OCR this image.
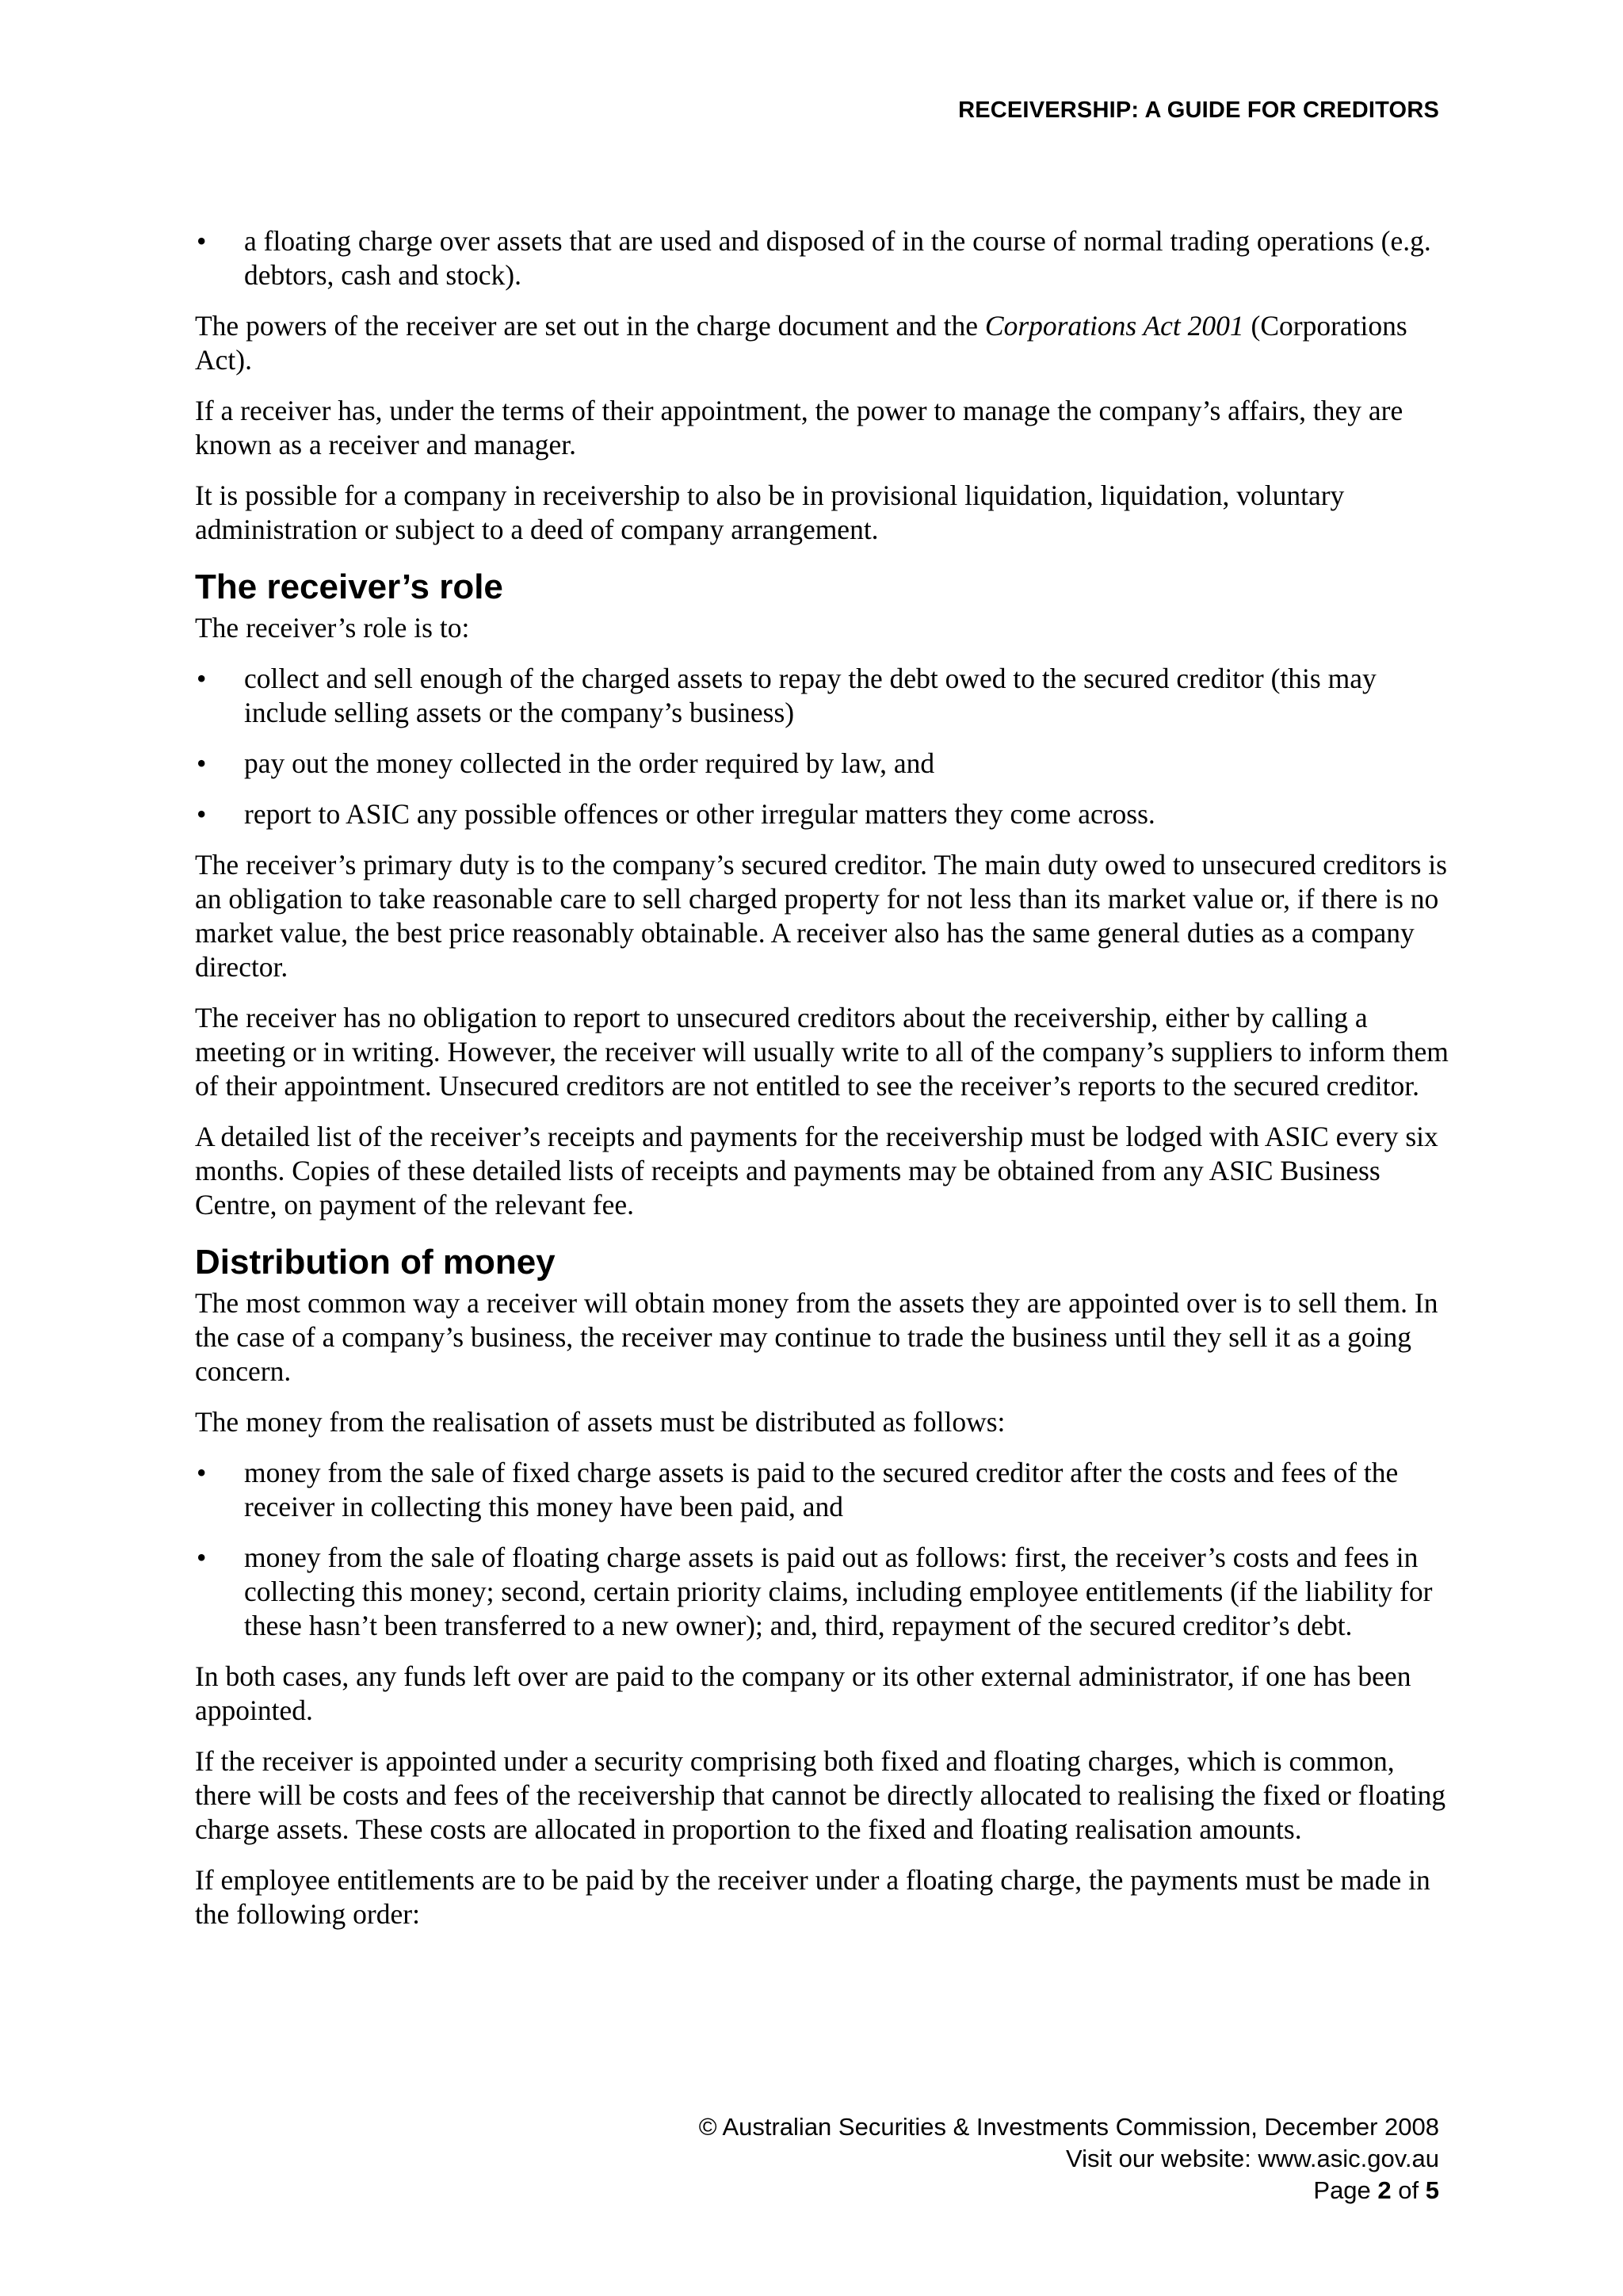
RECEIVERSHIP: A GUIDE FOR CREDITORS
• a floating charge over assets that are used and disposed of in the course of normal trading operations (e.g. debtors, cash and stock).

The powers of the receiver are set out in the charge document and the Corporations Act 2001 (Corporations Act).

If a receiver has, under the terms of their appointment, the power to manage the company’s affairs, they are known as a receiver and manager.

It is possible for a company in receivership to also be in provisional liquidation, liquidation, voluntary administration or subject to a deed of company arrangement.

The receiver’s role

The receiver’s role is to:

• collect and sell enough of the charged assets to repay the debt owed to the secured creditor (this may include selling assets or the company’s business)
• pay out the money collected in the order required by law, and
• report to ASIC any possible offences or other irregular matters they come across.

The receiver’s primary duty is to the company’s secured creditor. The main duty owed to unsecured creditors is an obligation to take reasonable care to sell charged property for not less than its market value or, if there is no market value, the best price reasonably obtainable. A receiver also has the same general duties as a company director.

The receiver has no obligation to report to unsecured creditors about the receivership, either by calling a meeting or in writing. However, the receiver will usually write to all of the company’s suppliers to inform them of their appointment. Unsecured creditors are not entitled to see the receiver’s reports to the secured creditor.

A detailed list of the receiver’s receipts and payments for the receivership must be lodged with ASIC every six months. Copies of these detailed lists of receipts and payments may be obtained from any ASIC Business Centre, on payment of the relevant fee.

Distribution of money

The most common way a receiver will obtain money from the assets they are appointed over is to sell them. In the case of a company’s business, the receiver may continue to trade the business until they sell it as a going concern.

The money from the realisation of assets must be distributed as follows:

• money from the sale of fixed charge assets is paid to the secured creditor after the costs and fees of the receiver in collecting this money have been paid, and
• money from the sale of floating charge assets is paid out as follows: first, the receiver’s costs and fees in collecting this money; second, certain priority claims, including employee entitlements (if the liability for these hasn’t been transferred to a new owner); and, third, repayment of the secured creditor’s debt.

In both cases, any funds left over are paid to the company or its other external administrator, if one has been appointed.

If the receiver is appointed under a security comprising both fixed and floating charges, which is common, there will be costs and fees of the receivership that cannot be directly allocated to realising the fixed or floating charge assets. These costs are allocated in proportion to the fixed and floating realisation amounts.

If employee entitlements are to be paid by the receiver under a floating charge, the payments must be made in the following order:

© Australian Securities & Investments Commission, December 2008
Visit our website: www.asic.gov.au
Page 2 of 5
